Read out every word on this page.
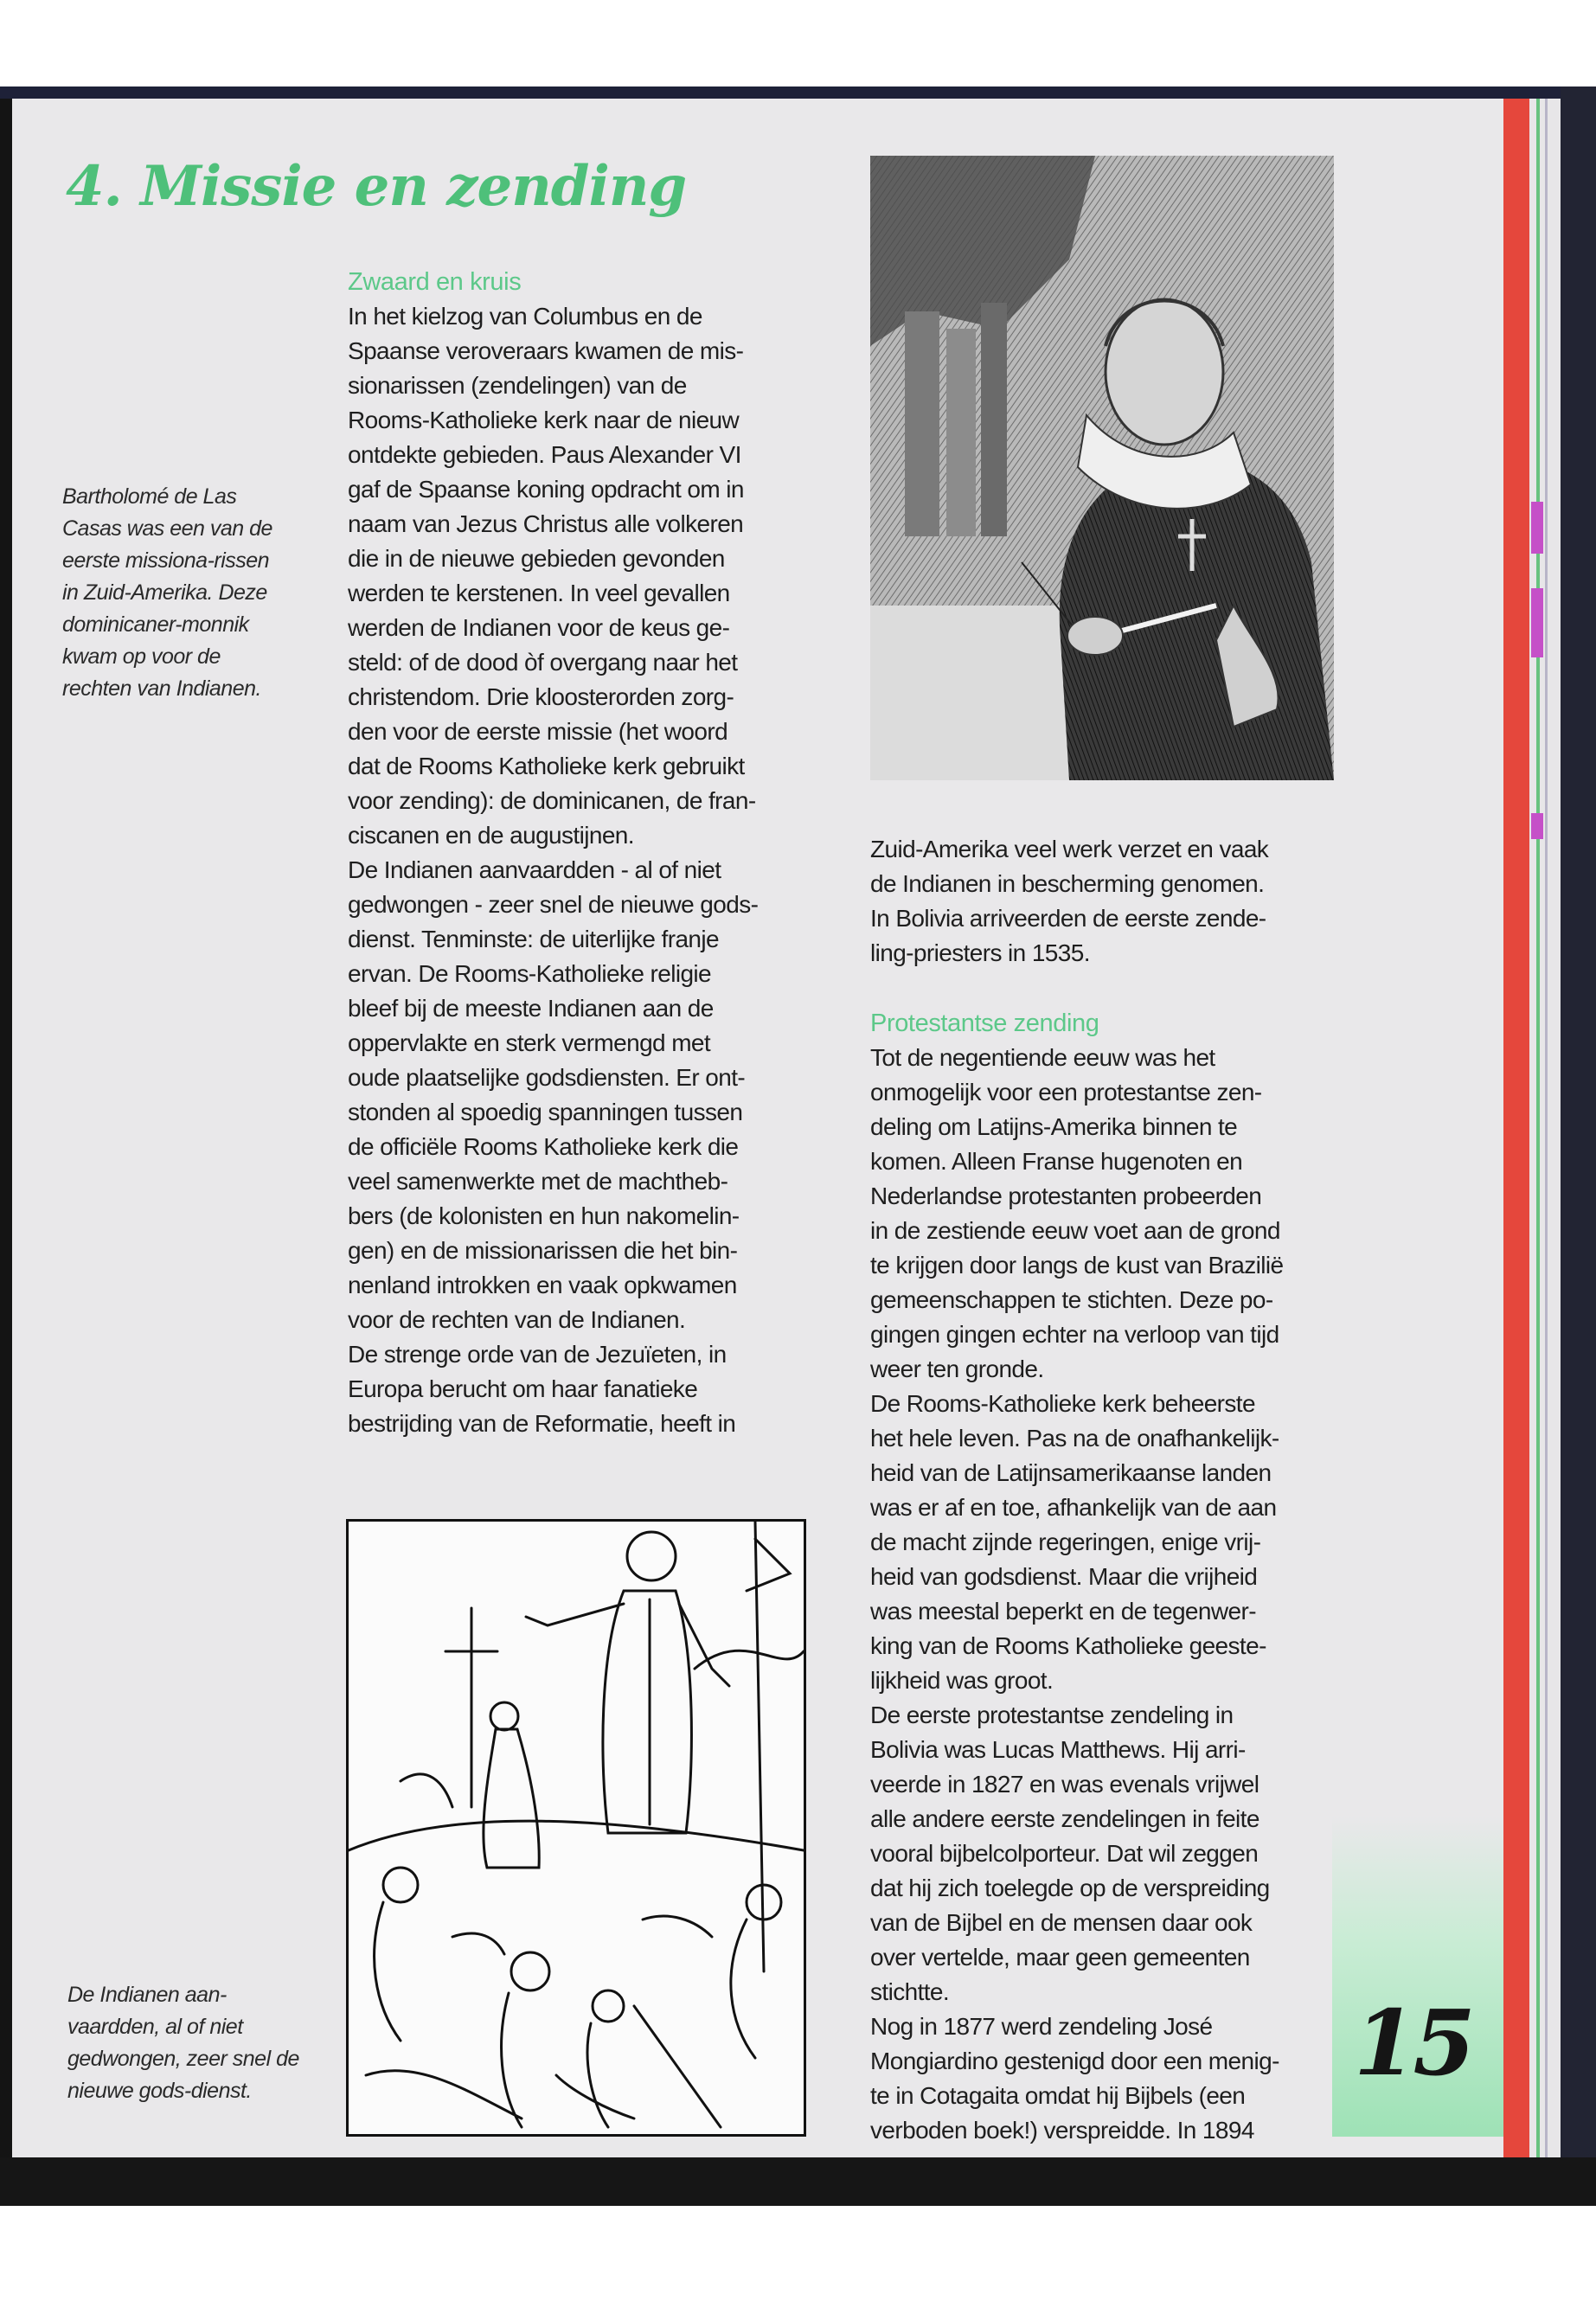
4. Missie en zending

Bartholomé de Las Casas was een van de eerste missiona-rissen in Zuid-Amerika. Deze dominicaner-monnik kwam op voor de rechten van Indianen.

De Indianen aan-vaardden, al of niet gedwongen, zeer snel de nieuwe gods-dienst.

Zwaard en kruis

In het kielzog van Columbus en de
Spaanse veroveraars kwamen de mis-
sionarissen (zendelingen) van de
Rooms-Katholieke kerk naar de nieuw
ontdekte gebieden. Paus Alexander VI
gaf de Spaanse koning opdracht om in
naam van Jezus Christus alle volkeren
die in de nieuwe gebieden gevonden
werden te kerstenen. In veel gevallen
werden de Indianen voor de keus ge-
steld: of de dood òf overgang naar het
christendom. Drie kloosterorden zorg-
den voor de eerste missie (het woord
dat de Rooms Katholieke kerk gebruikt
voor zending): de dominicanen, de fran-
ciscanen en de augustijnen.
De Indianen aanvaardden - al of niet
gedwongen - zeer snel de nieuwe gods-
dienst. Tenminste: de uiterlijke franje
ervan. De Rooms-Katholieke religie
bleef bij de meeste Indianen aan de
oppervlakte en sterk vermengd met
oude plaatselijke godsdiensten. Er ont-
stonden al spoedig spanningen tussen
de officiële Rooms Katholieke kerk die
veel samenwerkte met de machtheb-
bers (de kolonisten en hun nakomelin-
gen) en de missionarissen die het bin-
nenland introkken en vaak opkwamen
voor de rechten van de Indianen.
De strenge orde van de Jezuïeten, in
Europa berucht om haar fanatieke
bestrijding van de Reformatie, heeft in

Zuid-Amerika veel werk verzet en vaak
de Indianen in bescherming genomen.
In Bolivia arriveerden de eerste zende-
ling-priesters in 1535.

Protestantse zending

Tot de negentiende eeuw was het
onmogelijk voor een protestantse zen-
deling om Latijns-Amerika binnen te
komen. Alleen Franse hugenoten en
Nederlandse protestanten probeerden
in de zestiende eeuw voet aan de grond
te krijgen door langs de kust van Brazilië
gemeenschappen te stichten. Deze po-
gingen gingen echter na verloop van tijd
weer ten gronde.
De Rooms-Katholieke kerk beheerste
het hele leven. Pas na de onafhankelijk-
heid van de Latijnsamerikaanse landen
was er af en toe, afhankelijk van de aan
de macht zijnde regeringen, enige vrij-
heid van godsdienst. Maar die vrijheid
was meestal beperkt en de tegenwer-
king van de Rooms Katholieke geeste-
lijkheid was groot.
De eerste protestantse zendeling in
Bolivia was Lucas Matthews. Hij arri-
veerde in 1827 en was evenals vrijwel
alle andere eerste zendelingen in feite
vooral bijbelcolporteur. Dat wil zeggen
dat hij zich toelegde op de verspreiding
van de Bijbel en de mensen daar ook
over vertelde, maar geen gemeenten
stichtte.
Nog in 1877 werd zendeling José
Mongiardino gestenigd door een menig-
te in Cotagaita omdat hij Bijbels (een
verboden boek!) verspreidde. In 1894

15
